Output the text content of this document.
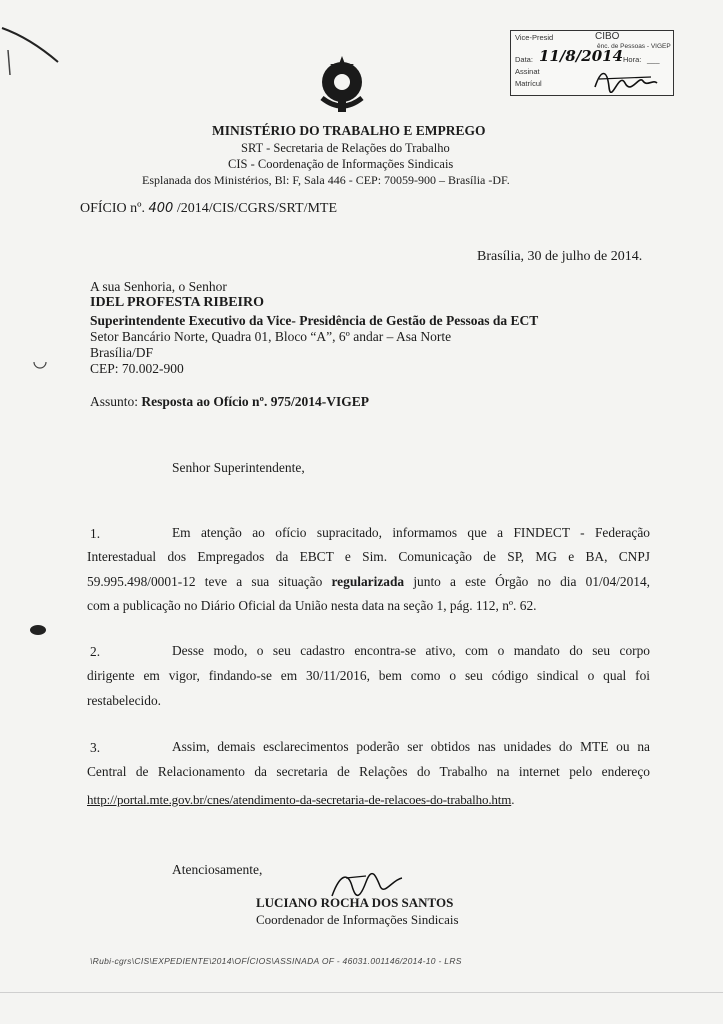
CIBO
Vice-Presid
ênc. de Pessoas - VIGEP
Data: 11/8/2014 Hora: ___
Assinat
Matrícul
MINISTÉRIO DO TRABALHO E EMPREGO
SRT - Secretaria de Relações do Trabalho
CIS - Coordenação de Informações Sindicais
Esplanada dos Ministérios, Bl: F, Sala 446 - CEP: 70059-900 – Brasília -DF.
OFÍCIO nº. 400 /2014/CIS/CGRS/SRT/MTE
Brasília, 30 de julho de 2014.
A sua Senhoria, o Senhor
IDEL PROFESTA RIBEIRO
Superintendente Executivo da Vice- Presidência de Gestão de Pessoas da ECT
Setor Bancário Norte, Quadra 01, Bloco “A”, 6º andar – Asa Norte
Brasília/DF
CEP: 70.002-900
Assunto: Resposta ao Ofício nº. 975/2014-VIGEP
Senhor Superintendente,
1.	Em atenção ao ofício supracitado, informamos que a FINDECT - Federação
Interestadual dos Empregados da EBCT e Sim. Comunicação de SP, MG e BA, CNPJ
59.995.498/0001-12 teve a sua situação regularizada junto a este Órgão no dia 01/04/2014,
com a publicação no Diário Oficial da União nesta data na seção 1, pág. 112, nº. 62.
2.	Desse modo, o seu cadastro encontra-se ativo, com o mandato do seu corpo
dirigente em vigor, findando-se em 30/11/2016, bem como o seu código sindical o qual foi
restabelecido.
3.	Assim, demais esclarecimentos poderão ser obtidos nas unidades do MTE ou na
Central de Relacionamento da secretaria de Relações do Trabalho na internet pelo endereço
http://portal.mte.gov.br/cnes/atendimento-da-secretaria-de-relacoes-do-trabalho.htm.
Atenciosamente,
LUCIANO ROCHA DOS SANTOS
Coordenador de Informações Sindicais
\Rubi-cgrs\CIS\EXPEDIENTE\2014\OFÍCIOS\ASSINADA OF - 46031.001146/2014-10 - LRS
